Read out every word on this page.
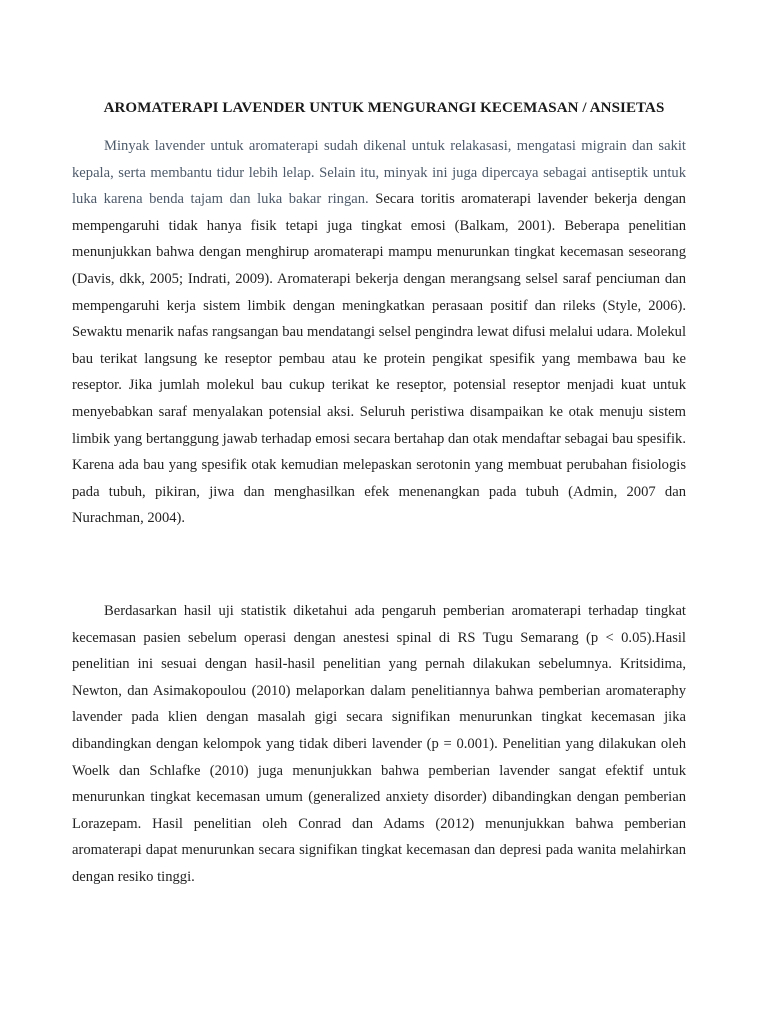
AROMATERAPI LAVENDER UNTUK MENGURANGI KECEMASAN / ANSIETAS

Minyak lavender untuk aromaterapi sudah dikenal untuk relakasasi, mengatasi migrain dan sakit kepala, serta membantu tidur lebih lelap. Selain itu, minyak ini juga dipercaya sebagai antiseptik untuk luka karena benda tajam dan luka bakar ringan. Secara toritis aromaterapi lavender bekerja dengan mempengaruhi tidak hanya fisik tetapi juga tingkat emosi (Balkam, 2001). Beberapa penelitian menunjukkan bahwa dengan menghirup aromaterapi mampu menurunkan tingkat kecemasan seseorang (Davis, dkk, 2005; Indrati, 2009). Aromaterapi bekerja dengan merangsang selsel saraf penciuman dan mempengaruhi kerja sistem limbik dengan meningkatkan perasaan positif dan rileks (Style, 2006). Sewaktu menarik nafas rangsangan bau mendatangi selsel pengindra lewat difusi melalui udara. Molekul bau terikat langsung ke reseptor pembau atau ke protein pengikat spesifik yang membawa bau ke reseptor. Jika jumlah molekul bau cukup terikat ke reseptor, potensial reseptor menjadi kuat untuk menyebabkan saraf menyalakan potensial aksi. Seluruh peristiwa disampaikan ke otak menuju sistem limbik yang bertanggung jawab terhadap emosi secara bertahap dan otak mendaftar sebagai bau spesifik. Karena ada bau yang spesifik otak kemudian melepaskan serotonin yang membuat perubahan fisiologis pada tubuh, pikiran, jiwa dan menghasilkan efek menenangkan pada tubuh (Admin, 2007 dan Nurachman, 2004).

Berdasarkan hasil uji statistik diketahui ada pengaruh pemberian aromaterapi terhadap tingkat kecemasan pasien sebelum operasi dengan anestesi spinal di RS Tugu Semarang (p < 0.05).Hasil penelitian ini sesuai dengan hasil-hasil penelitian yang pernah dilakukan sebelumnya. Kritsidima, Newton, dan Asimakopoulou (2010) melaporkan dalam penelitiannya bahwa pemberian aromateraphy lavender pada klien dengan masalah gigi secara signifikan menurunkan tingkat kecemasan jika dibandingkan dengan kelompok yang tidak diberi lavender (p = 0.001). Penelitian yang dilakukan oleh Woelk dan Schlafke (2010) juga menunjukkan bahwa pemberian lavender sangat efektif untuk menurunkan tingkat kecemasan umum (generalized anxiety disorder) dibandingkan dengan pemberian Lorazepam. Hasil penelitian oleh Conrad dan Adams (2012) menunjukkan bahwa pemberian aromaterapi dapat menurunkan secara signifikan tingkat kecemasan dan depresi pada wanita melahirkan dengan resiko tinggi.
